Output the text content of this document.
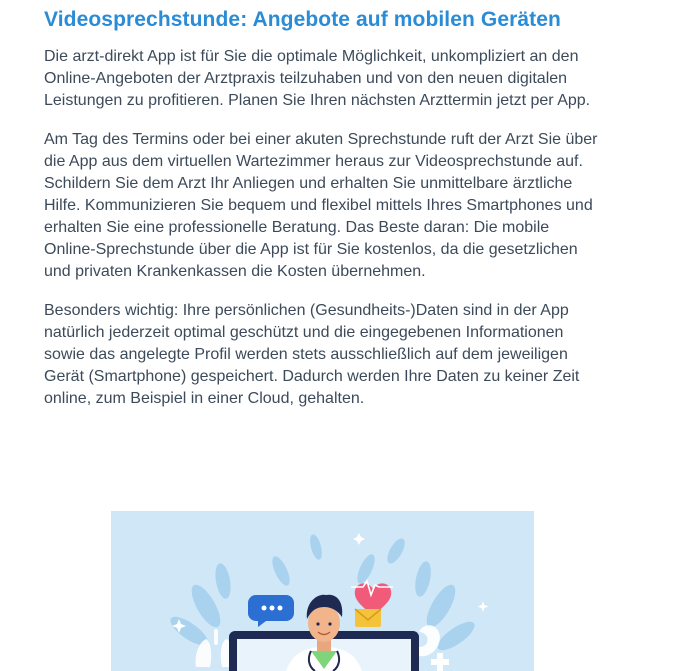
Videosprechstunde: Angebote auf mobilen Geräten

Die arzt-direkt App ist für Sie die optimale Möglichkeit, unkompliziert an den Online-Angeboten der Arztpraxis teilzuhaben und von den neuen digitalen Leistungen zu profitieren. Planen Sie Ihren nächsten Arzttermin jetzt per App.

Am Tag des Termins oder bei einer akuten Sprechstunde ruft der Arzt Sie über die App aus dem virtuellen Wartezimmer heraus zur Videosprechstunde auf. Schildern Sie dem Arzt Ihr Anliegen und erhalten Sie unmittelbare ärztliche Hilfe. Kommunizieren Sie bequem und flexibel mittels Ihres Smartphones und erhalten Sie eine professionelle Beratung. Das Beste daran: Die mobile Online-Sprechstunde über die App ist für Sie kostenlos, da die gesetzlichen und privaten Krankenkassen die Kosten übernehmen.

Besonders wichtig: Ihre persönlichen (Gesundheits-)Daten sind in der App natürlich jederzeit optimal geschützt und die eingegebenen Informationen sowie das angelegte Profil werden stets ausschließlich auf dem jeweiligen Gerät (Smartphone) gespeichert. Dadurch werden Ihre Daten zu keiner Zeit online, zum Beispiel in einer Cloud, gehalten.
